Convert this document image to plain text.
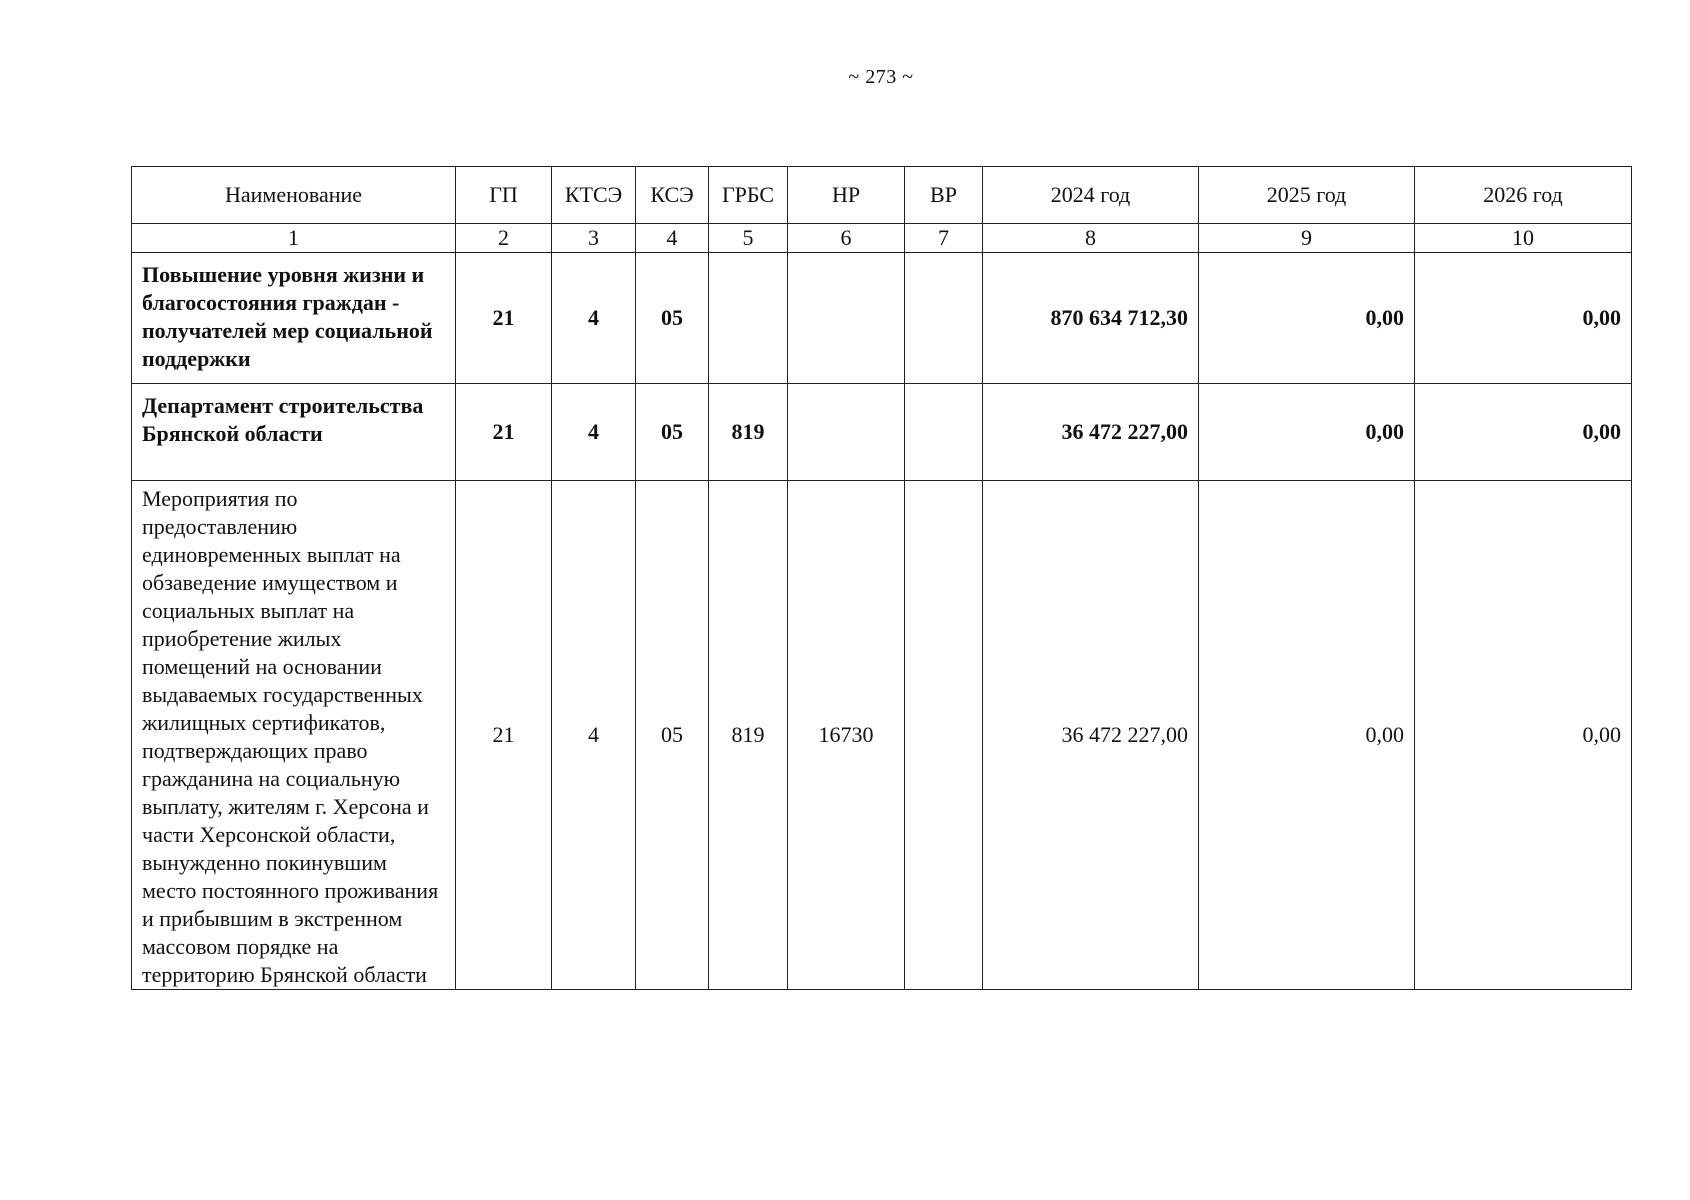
~ 273 ~
Наименование	ГП	КТСЭ	КСЭ	ГРБС	НР	ВР	2024 год	2025 год	2026 год
1	2	3	4	5	6	7	8	9	10
Повышение уровня жизни и благосостояния граждан - получателей мер социальной поддержки	21	4	05				870 634 712,30	0,00	0,00
Департамент строительства Брянской области	21	4	05	819			36 472 227,00	0,00	0,00
Мероприятия по предоставлению единовременных выплат на обзаведение имуществом и социальных выплат на приобретение жилых помещений на основании выдаваемых государственных жилищных сертификатов, подтверждающих право гражданина на социальную выплату, жителям г. Херсона и части Херсонской области, вынужденно покинувшим место постоянного проживания и прибывшим в экстренном массовом порядке на территорию Брянской области	21	4	05	819	16730		36 472 227,00	0,00	0,00
